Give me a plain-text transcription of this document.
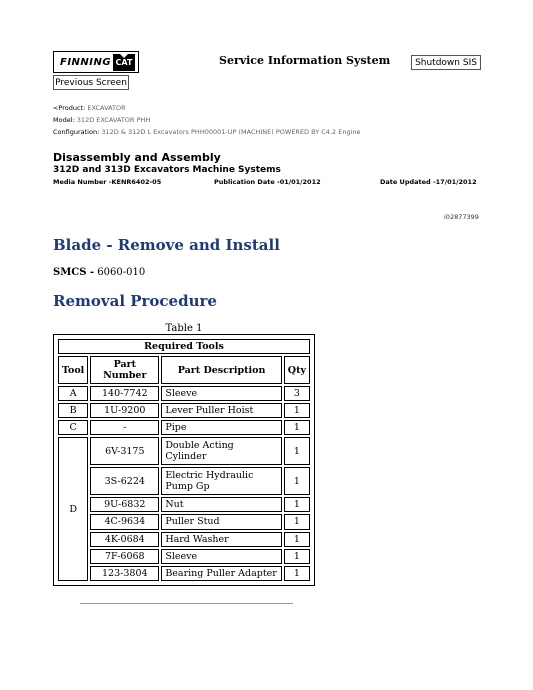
FINNING CAT
Previous Screen
Service Information System	Shutdown SIS
<Product: EXCAVATOR
Model: 312D EXCAVATOR PHH
Configuration: 312D & 312D L Excavators PHH00001-UP (MACHINE) POWERED BY C4.2 Engine
Disassembly and Assembly
312D and 313D Excavators Machine Systems
Media Number -KENR6402-05	Publication Date -01/01/2012	Date Updated -17/01/2012
i02877399
Blade - Remove and Install
SMCS - 6060-010
Removal Procedure
Table 1
Required Tools			
Tool	Part Number	Part Description	Qty
A	140-7742	Sleeve	3
B	1U-9200	Lever Puller Hoist	1
C	-	Pipe	1
D	6V-3175	Double Acting Cylinder	1
	3S-6224	Electric Hydraulic Pump Gp	1
	9U-6832	Nut	1
	4C-9634	Puller Stud	1
	4K-0684	Hard Washer	1
	7F-6068	Sleeve	1
	123-3804	Bearing Puller Adapter	1
